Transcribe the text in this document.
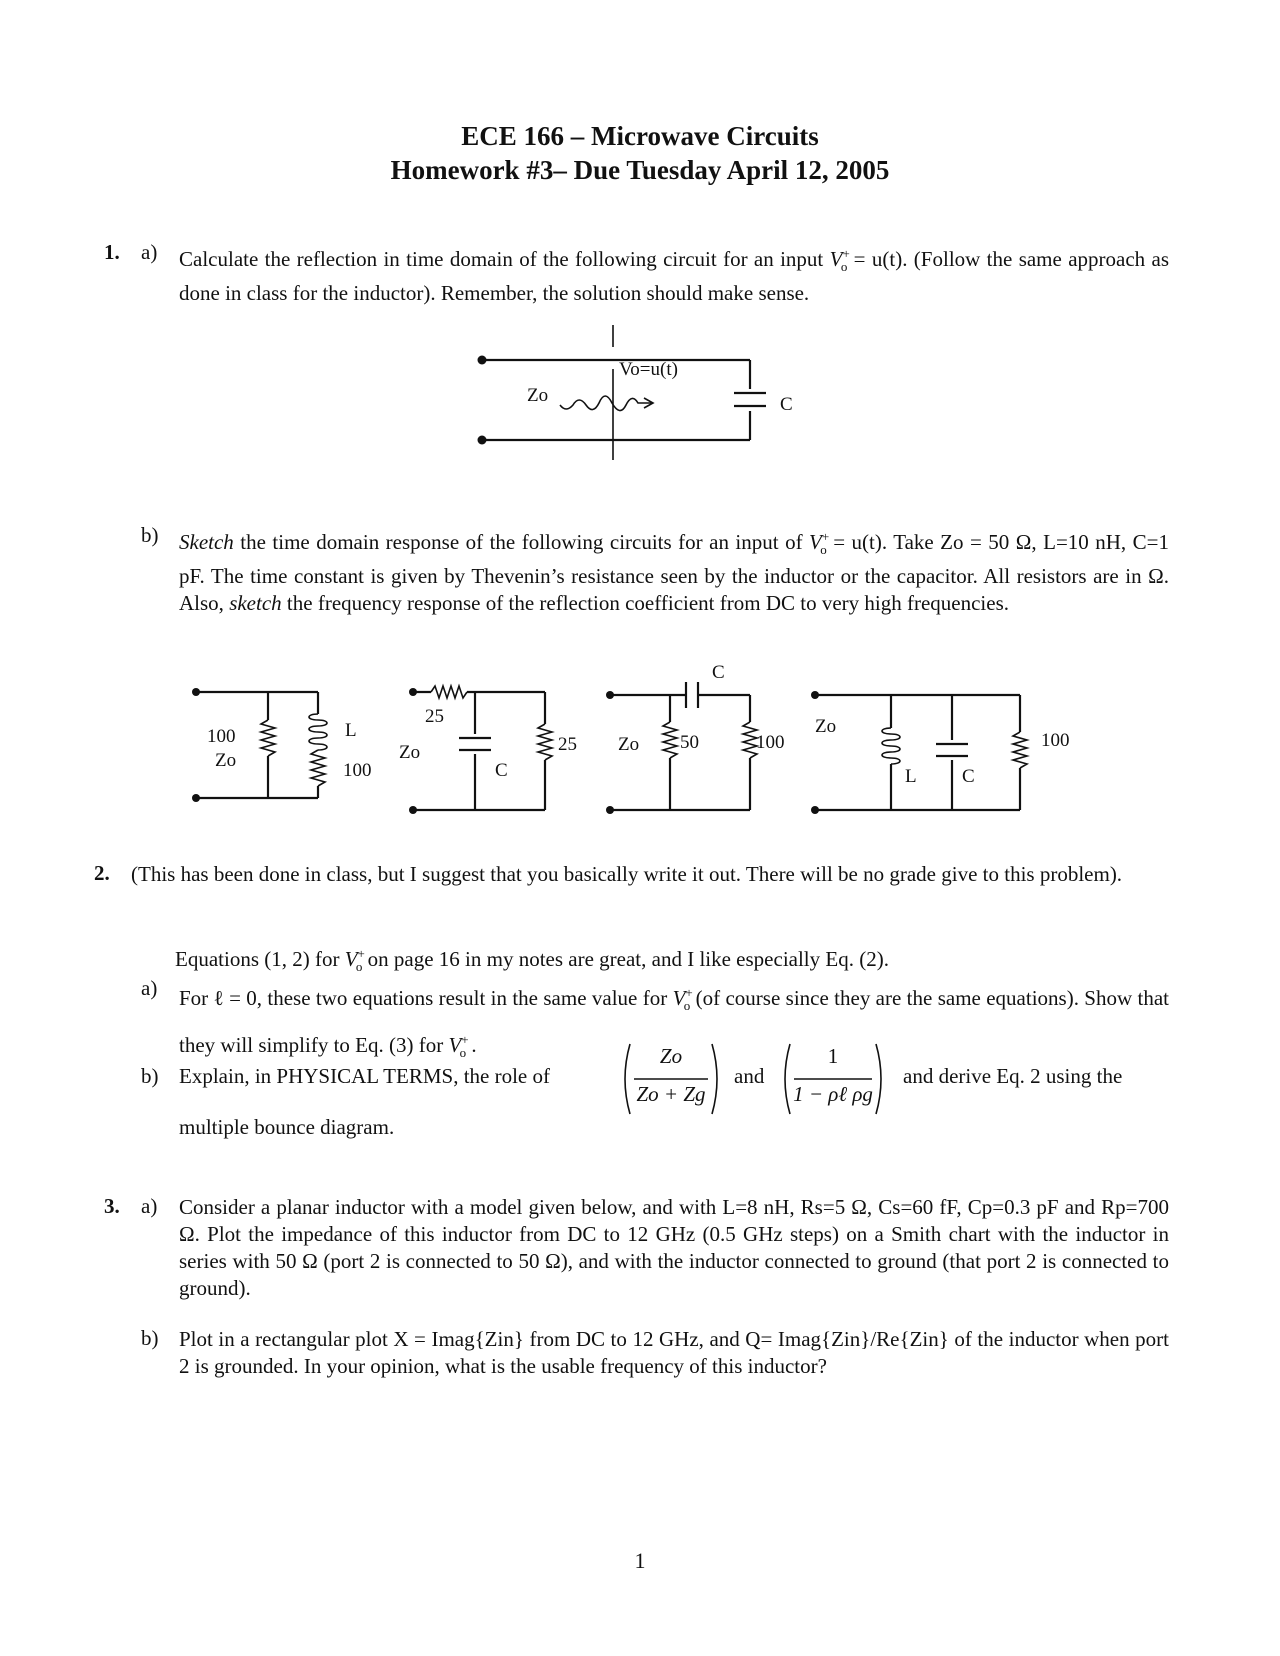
ECE 166 – Microwave Circuits
Homework #3– Due Tuesday April 12, 2005
1. a) Calculate the reflection in time domain of the following circuit for an input $V^+_o = u(t)$. (Follow the same approach as done in class for the inductor). Remember, the solution should make sense.
Zo
Vo=u(t)
C
b) Sketch the time domain response of the following circuits for an input of $V^+_o = u(t)$. Take Zo = 50 Ω, L=10 nH, C=1 pF. The time constant is given by Thevenin’s resistance seen by the inductor or the capacitor. All resistors are in Ω. Also, sketch the frequency response of the reflection coefficient from DC to very high frequencies.
100
Zo
L
100
25
Zo
C
25
C
Zo 50	100
Zo
L C
100
2. (This has been done in class, but I suggest that you basically write it out. There will be no grade give to this problem).
Equations (1, 2) for $V^+_o$ on page 16 in my notes are great, and I like especially Eq. (2).
a) For ℓ = 0, these two equations result in the same value for $V^+_o$ (of course since they are the same equations). Show that they will simplify to Eq. (3) for $V^+_o$ .
b) Explain, in PHYSICAL TERMS, the role of
Zo
Zo + Zg
and
1
1 − ρℓ ρg
and derive Eq. 2 using the
multiple bounce diagram.
3. a) Consider a planar inductor with a model given below, and with L=8 nH, Rs=5 Ω, Cs=60 fF, Cp=0.3 pF and Rp=700 Ω. Plot the impedance of this inductor from DC to 12 GHz (0.5 GHz steps) on a Smith chart with the inductor in series with 50 Ω (port 2 is connected to 50 Ω), and with the inductor connected to ground (that port 2 is connected to ground).
b) Plot in a rectangular plot X = Imag{Zin} from DC to 12 GHz, and Q= Imag{Zin}/Re{Zin} of the inductor when port 2 is grounded. In your opinion, what is the usable frequency of this inductor?
1
